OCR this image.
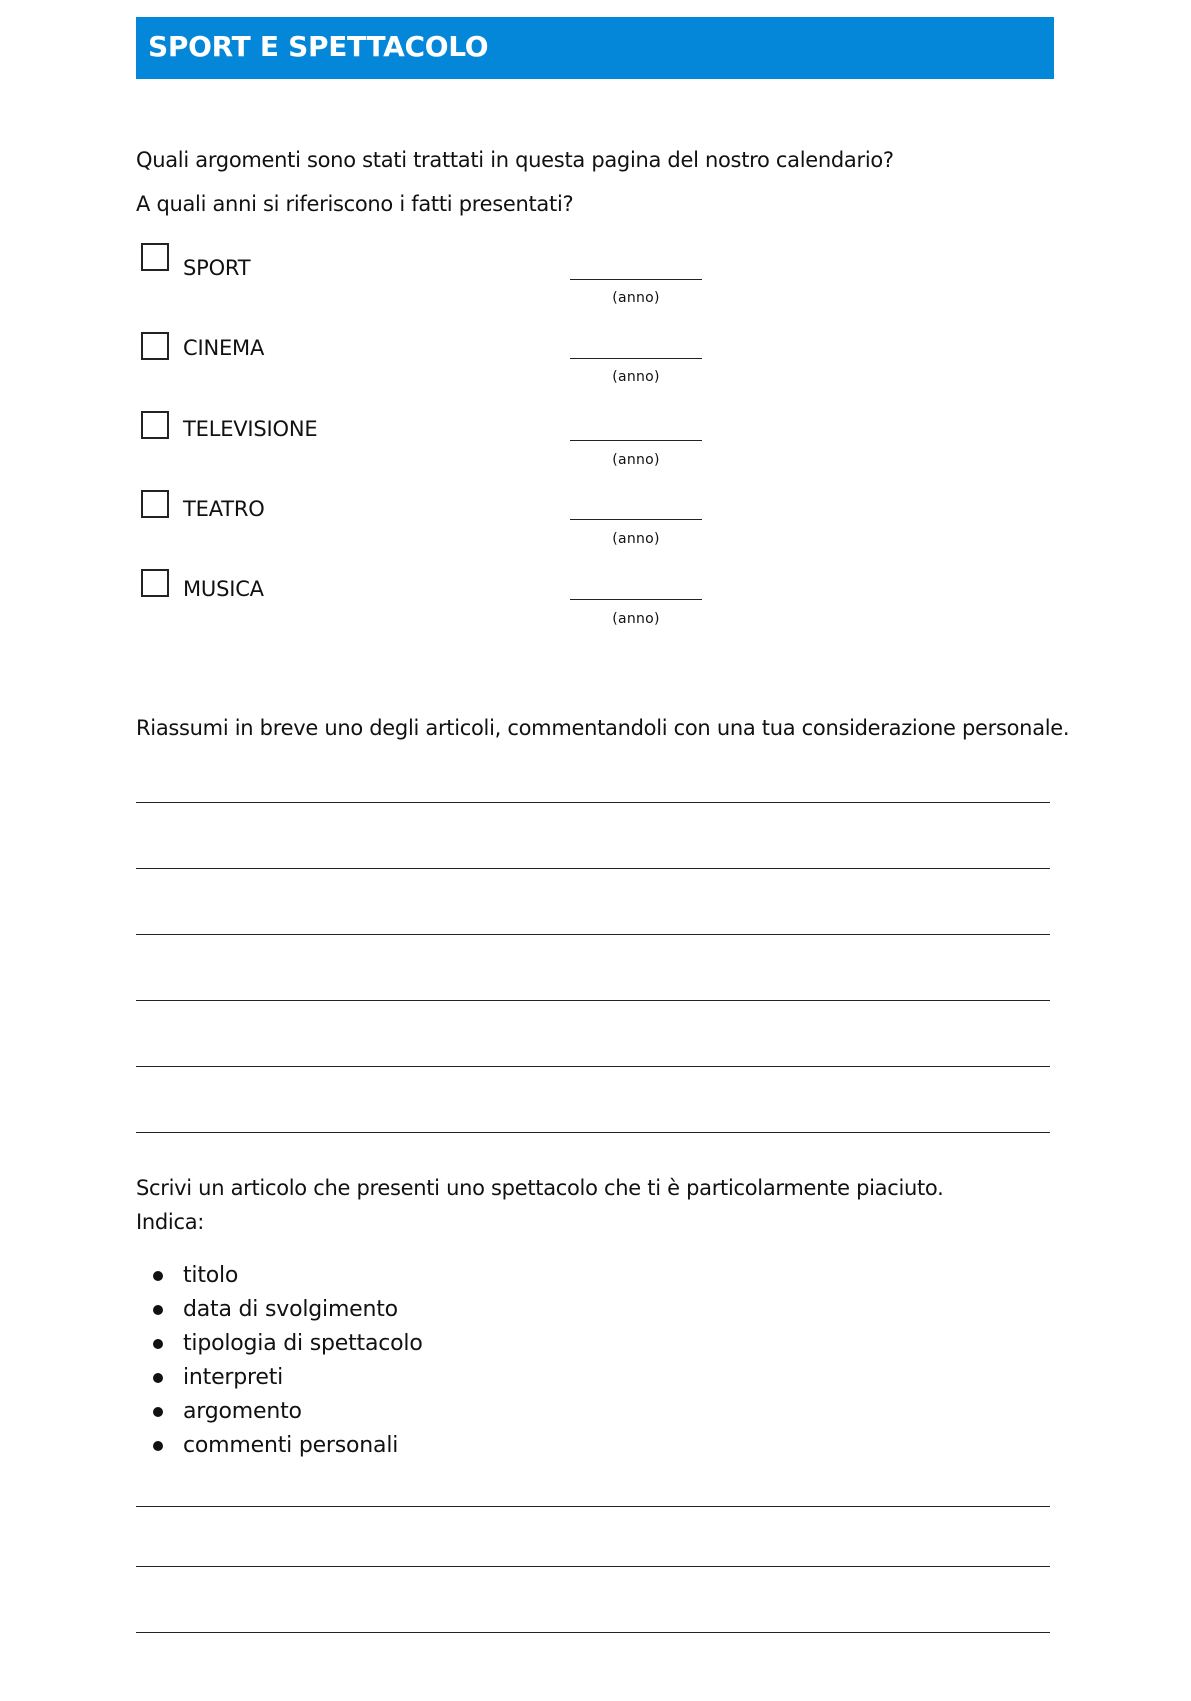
SPORT E SPETTACOLO
Quali argomenti sono stati trattati in questa pagina del nostro calendario?
A quali anni si riferiscono i fatti presentati?
SPORT
(anno)
CINEMA
(anno)
TELEVISIONE
(anno)
TEATRO
(anno)
MUSICA
(anno)
Riassumi in breve uno degli articoli, commentandoli con una tua considerazione personale.
Scrivi un articolo che presenti uno spettacolo che ti è particolarmente piaciuto.
Indica:
titolo
data di svolgimento
tipologia di spettacolo
interpreti
argomento
commenti personali
